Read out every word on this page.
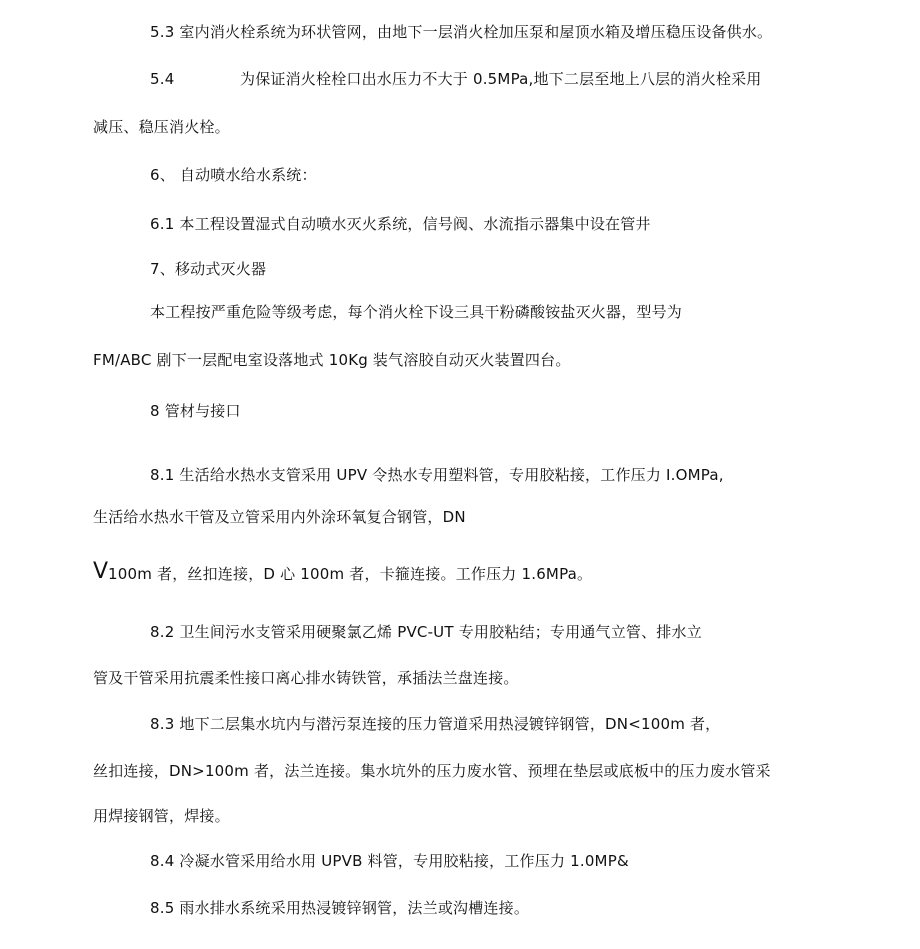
5.3 室内消火栓系统为环状管网，由地下一层消火栓加压泵和屋顶水箱及增压稳压设备供水。
5.4	为保证消火栓栓口出水压力不大于 0.5MPa,地下二层至地上八层的消火栓采用
减压、稳压消火栓。
6、 自动喷水给水系统：
6.1 本工程设置湿式自动喷水灭火系统，信号阀、水流指示器集中设在管井
7、移动式灭火器
本工程按严重危险等级考虑，每个消火栓下设三具干粉磷酸铵盐灭火器，型号为
FM/ABC 剧下一层配电室设落地式 10Kg 装气溶胶自动灭火装置四台。
8 管材与接口
8.1 生活给水热水支管采用 UPV 令热水专用塑料管，专用胶粘接，工作压力 I.OMPa,
生活给水热水干管及立管采用内外涂环氧复合钢管，DN
V 100m 者，丝扣连接，D 心 100m 者，卡箍连接。工作压力 1.6MPa。
8.2 卫生间污水支管采用硬聚氯乙烯 PVC-UT 专用胶粘结；专用通气立管、排水立
管及干管采用抗震柔性接口离心排水铸铁管，承插法兰盘连接。
8.3 地下二层集水坑内与潜污泵连接的压力管道采用热浸镀锌钢管，DN<100m 者，
丝扣连接，DN>100m 者，法兰连接。集水坑外的压力废水管、预埋在垫层或底板中的压力废水管采
用焊接钢管，焊接。
8.4 冷凝水管采用给水用 UPVB 料管，专用胶粘接，工作压力 1.0MP&
8.5 雨水排水系统采用热浸镀锌钢管，法兰或沟槽连接。
